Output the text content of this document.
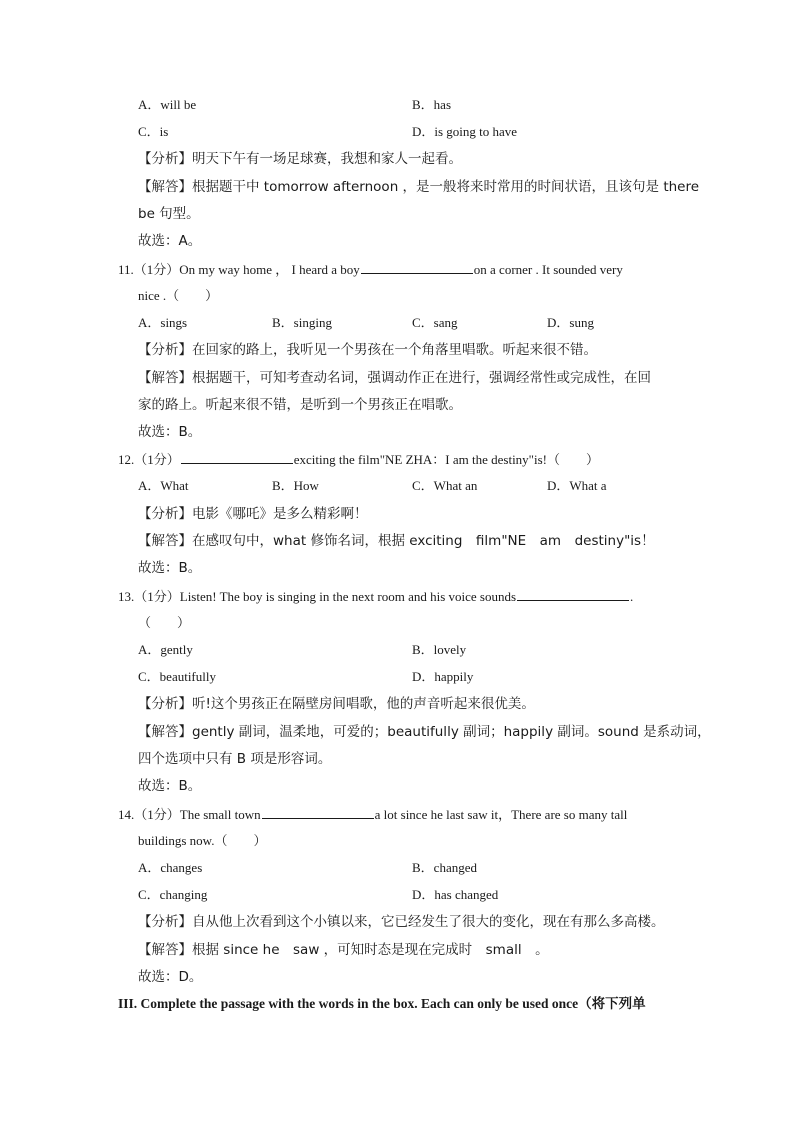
A．will be	B．has
C．is	D．is going to have
【分析】明天下午有一场足球赛，我想和家人一起看。
【解答】根据题干中 tomorrow afternoon ，是一般将来时常用的时间状语，且该句是 there
be 句型。
故选：A。
11.（1分）On my way home ， I heard a boy	on a corner . It sounded very
nice .（　　）
A．sings	B．singing	C．sang	D．sung
【分析】在回家的路上，我听见一个男孩在一个角落里唱歌。听起来很不错。
【解答】根据题干，可知考查动名词，强调动作正在进行，强调经常性或完成性，在回
家的路上。听起来很不错，是听到一个男孩正在唱歌。
故选：B。
12.（1分）	exciting the film"NE ZHA：I am the destiny"is!（　　）
A．What	B．How	C．What an	D．What a
【分析】电影《哪吒》是多么精彩啊！
【解答】在感叹句中，what 修饰名词，根据 exciting　film"NE　am　destiny"is！
故选：B。
13.（1分）Listen! The boy is singing in the next room and his voice sounds	.
（　　）
A．gently	B．lovely
C．beautifully	D．happily
【分析】听!这个男孩正在隔壁房间唱歌，他的声音听起来很优美。
【解答】gently 副词，温柔地，可爱的；beautifully 副词；happily 副词。sound 是系动词，
四个选项中只有 B 项是形容词。
故选：B。
14.（1分）The small town	a lot since he last saw it，There are so many tall
buildings now.（　　）
A．changes	B．changed
C．changing	D．has changed
【分析】自从他上次看到这个小镇以来，它已经发生了很大的变化，现在有那么多高楼。
【解答】根据 since he　saw ，可知时态是现在完成时　small　。
故选：D。
III. Complete the passage with the words in the box. Each can only be used once（将下列单
